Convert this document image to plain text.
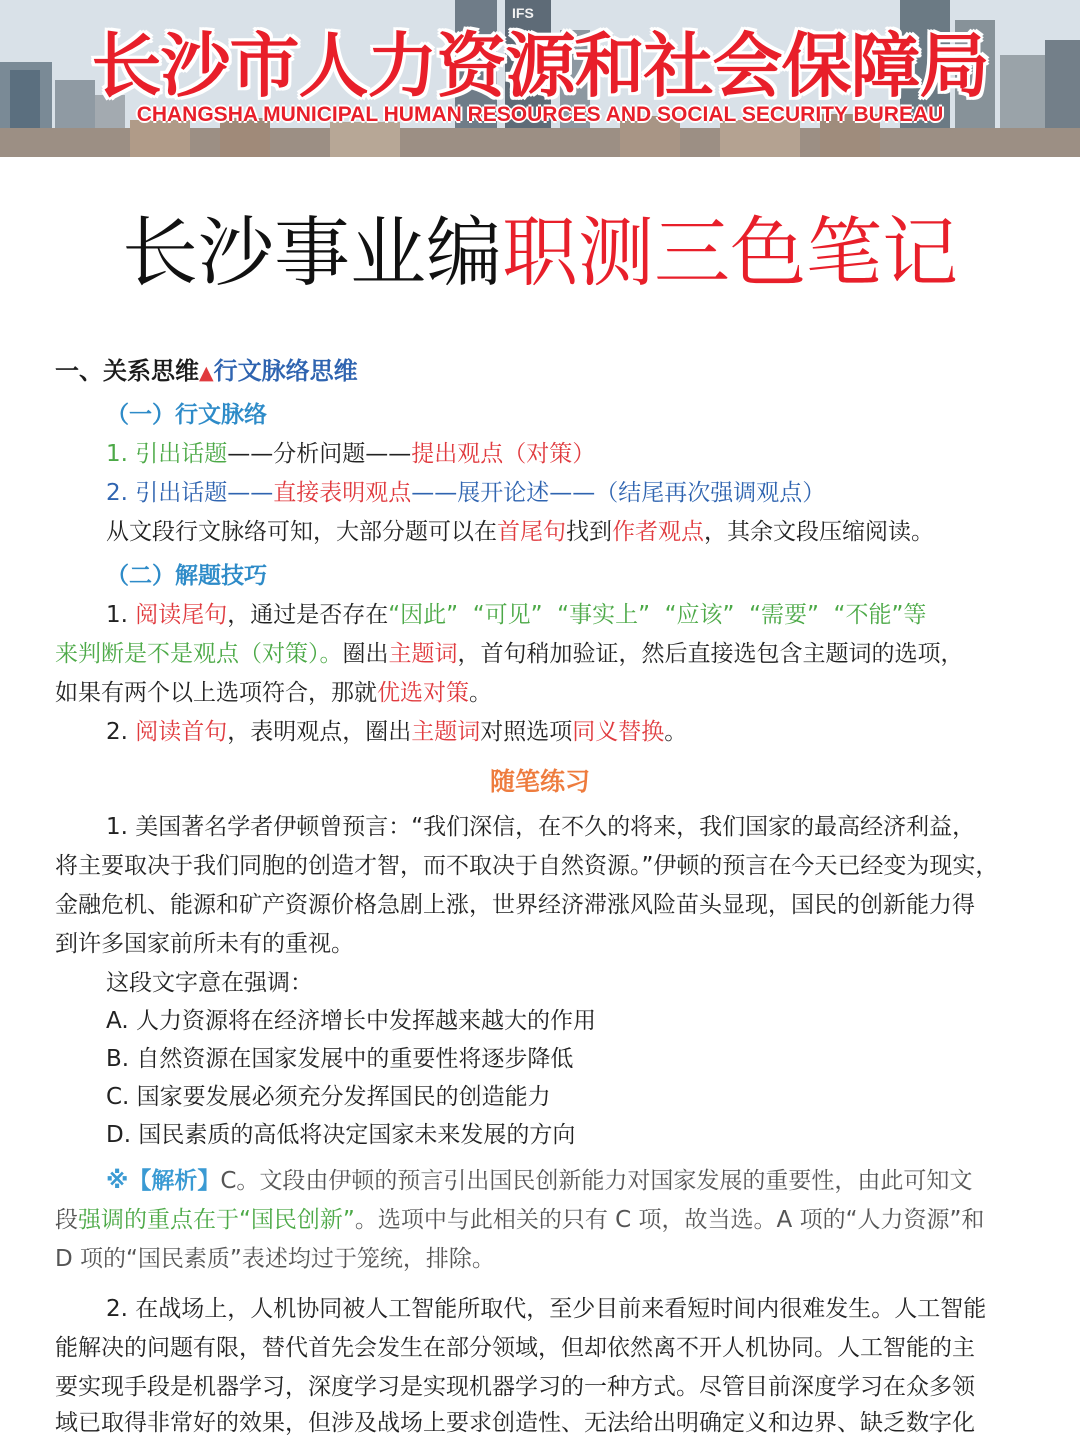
IFS
长沙市人力资源和社会保障局
CHANGSHA MUNICIPAL HUMAN RESOURCES AND SOCIAL SECURITY BUREAU
长沙事业编职测三色笔记
一、关系思维▲行文脉络思维
（一）行文脉络
1. 引出话题——分析问题——提出观点（对策）
2. 引出话题——直接表明观点——展开论述——（结尾再次强调观点）
从文段行文脉络可知，大部分题可以在首尾句找到作者观点，其余文段压缩阅读。
（二）解题技巧
1. 阅读尾句，通过是否存在“因此”  “可见”  “事实上”  “应该”  “需要”  “不能”等
来判断是不是观点（对策）。圈出主题词，首句稍加验证，然后直接选包含主题词的选项，
如果有两个以上选项符合，那就优选对策。
2. 阅读首句，表明观点，圈出主题词对照选项同义替换。
随笔练习
1. 美国著名学者伊顿曾预言：“我们深信，在不久的将来，我们国家的最高经济利益，
将主要取决于我们同胞的创造才智，而不取决于自然资源。”伊顿的预言在今天已经变为现实，
金融危机、能源和矿产资源价格急剧上涨，世界经济滞涨风险苗头显现，国民的创新能力得
到许多国家前所未有的重视。
这段文字意在强调：
A. 人力资源将在经济增长中发挥越来越大的作用
B. 自然资源在国家发展中的重要性将逐步降低
C. 国家要发展必须充分发挥国民的创造能力
D. 国民素质的高低将决定国家未来发展的方向
※【解析】C。文段由伊顿的预言引出国民创新能力对国家发展的重要性，由此可知文
段强调的重点在于“国民创新”。选项中与此相关的只有 C 项，故当选。A 项的“人力资源”和
D 项的“国民素质”表述均过于笼统，排除。
2. 在战场上，人机协同被人工智能所取代，至少目前来看短时间内很难发生。人工智能
能解决的问题有限，替代首先会发生在部分领域，但却依然离不开人机协同。人工智能的主
要实现手段是机器学习，深度学习是实现机器学习的一种方式。尽管目前深度学习在众多领
域已取得非常好的效果，但涉及战场上要求创造性、无法给出明确定义和边界、缺乏数字化
